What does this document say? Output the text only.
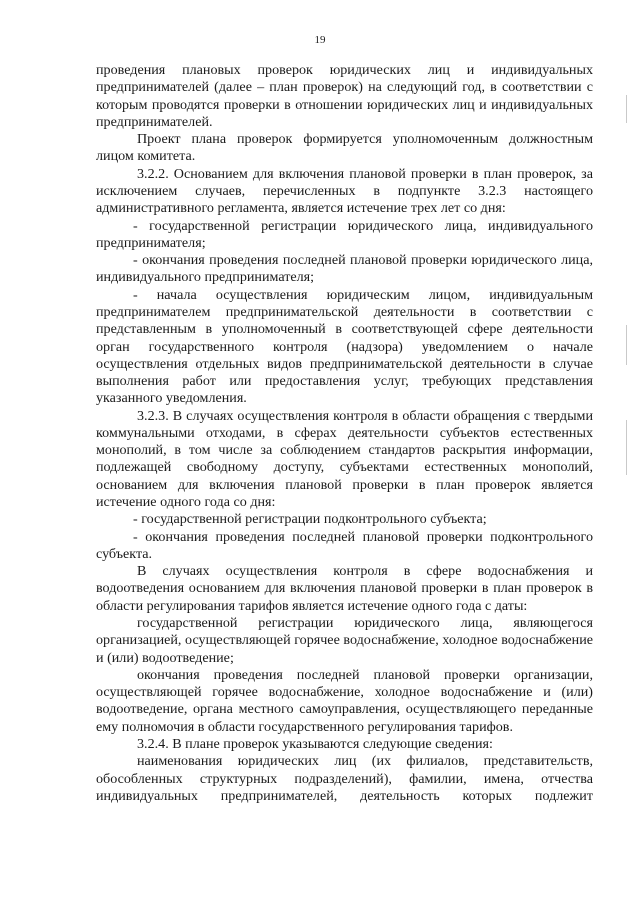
19

проведения плановых проверок юридических лиц и индивидуальных предпринимателей (далее – план проверок) на следующий год, в соответствии с которым проводятся проверки в отношении юридических лиц и индивидуальных предпринимателей.

Проект плана проверок формируется уполномоченным должностным лицом комитета.

3.2.2. Основанием для включения плановой проверки в план проверок, за исключением случаев, перечисленных в подпункте 3.2.3 настоящего административного регламента, является истечение трех лет со дня:

- государственной регистрации юридического лица, индивидуального предпринимателя;

- окончания проведения последней плановой проверки юридического лица, индивидуального предпринимателя;

- начала осуществления юридическим лицом, индивидуальным предпринимателем предпринимательской деятельности в соответствии с представленным в уполномоченный в соответствующей сфере деятельности орган государственного контроля (надзора) уведомлением о начале осуществления отдельных видов предпринимательской деятельности в случае выполнения работ или предоставления услуг, требующих представления указанного уведомления.

3.2.3. В случаях осуществления контроля в области обращения с твердыми коммунальными отходами, в сферах деятельности субъектов естественных монополий, в том числе за соблюдением стандартов раскрытия информации, подлежащей свободному доступу, субъектами естественных монополий, основанием для включения плановой проверки в план проверок является истечение одного года со дня:

- государственной регистрации подконтрольного субъекта;

- окончания проведения последней плановой проверки подконтрольного субъекта.

В случаях осуществления контроля в сфере водоснабжения и водоотведения основанием для включения плановой проверки в план проверок в области регулирования тарифов является истечение одного года с даты:

государственной регистрации юридического лица, являющегося организацией, осуществляющей горячее водоснабжение, холодное водоснабжение и (или) водоотведение;

окончания проведения последней плановой проверки организации, осуществляющей горячее водоснабжение, холодное водоснабжение и (или) водоотведение, органа местного самоуправления, осуществляющего переданные ему полномочия в области государственного регулирования тарифов.

3.2.4. В плане проверок указываются следующие сведения:

наименования юридических лиц (их филиалов, представительств, обособленных структурных подразделений), фамилии, имена, отчества индивидуальных предпринимателей, деятельность которых подлежит
